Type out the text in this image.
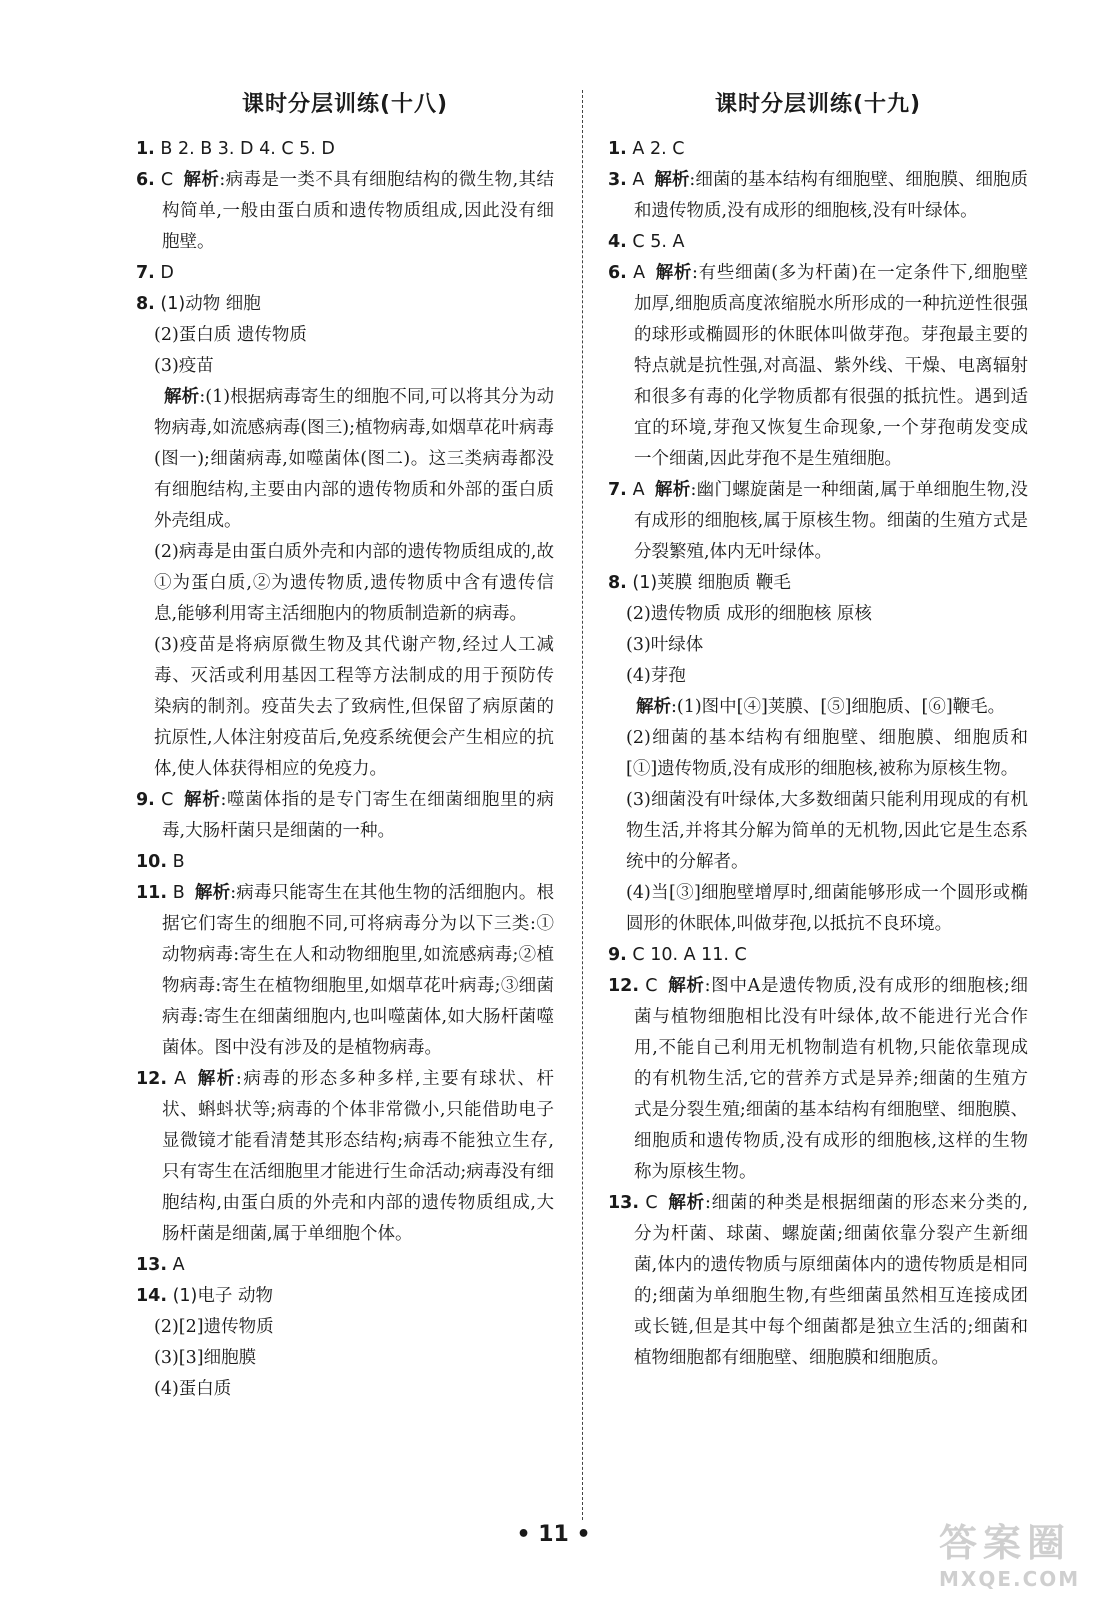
课时分层训练(十八)

1. B 2. B 3. D 4. C 5. D

6. C 解析:病毒是一类不具有细胞结构的微生物,其结构简单,一般由蛋白质和遗传物质组成,因此没有细胞壁。

7. D

8. (1)动物 细胞

(2)蛋白质 遗传物质

(3)疫苗

解析:(1)根据病毒寄生的细胞不同,可以将其分为动物病毒,如流感病毒(图三);植物病毒,如烟草花叶病毒(图一);细菌病毒,如噬菌体(图二)。这三类病毒都没有细胞结构,主要由内部的遗传物质和外部的蛋白质外壳组成。

(2)病毒是由蛋白质外壳和内部的遗传物质组成的,故①为蛋白质,②为遗传物质,遗传物质中含有遗传信息,能够利用寄主活细胞内的物质制造新的病毒。

(3)疫苗是将病原微生物及其代谢产物,经过人工减毒、灭活或利用基因工程等方法制成的用于预防传染病的制剂。疫苗失去了致病性,但保留了病原菌的抗原性,人体注射疫苗后,免疫系统便会产生相应的抗体,使人体获得相应的免疫力。

9. C 解析:噬菌体指的是专门寄生在细菌细胞里的病毒,大肠杆菌只是细菌的一种。

10. B

11. B 解析:病毒只能寄生在其他生物的活细胞内。根据它们寄生的细胞不同,可将病毒分为以下三类:①动物病毒:寄生在人和动物细胞里,如流感病毒;②植物病毒:寄生在植物细胞里,如烟草花叶病毒;③细菌病毒:寄生在细菌细胞内,也叫噬菌体,如大肠杆菌噬菌体。图中没有涉及的是植物病毒。

12. A 解析:病毒的形态多种多样,主要有球状、杆状、蝌蚪状等;病毒的个体非常微小,只能借助电子显微镜才能看清楚其形态结构;病毒不能独立生存,只有寄生在活细胞里才能进行生命活动;病毒没有细胞结构,由蛋白质的外壳和内部的遗传物质组成,大肠杆菌是细菌,属于单细胞个体。

13. A

14. (1)电子 动物

(2)[2]遗传物质

(3)[3]细胞膜

(4)蛋白质

课时分层训练(十九)

1. A 2. C

3. A 解析:细菌的基本结构有细胞壁、细胞膜、细胞质和遗传物质,没有成形的细胞核,没有叶绿体。

4. C 5. A

6. A 解析:有些细菌(多为杆菌)在一定条件下,细胞壁加厚,细胞质高度浓缩脱水所形成的一种抗逆性很强的球形或椭圆形的休眠体叫做芽孢。芽孢最主要的特点就是抗性强,对高温、紫外线、干燥、电离辐射和很多有毒的化学物质都有很强的抵抗性。遇到适宜的环境,芽孢又恢复生命现象,一个芽孢萌发变成一个细菌,因此芽孢不是生殖细胞。

7. A 解析:幽门螺旋菌是一种细菌,属于单细胞生物,没有成形的细胞核,属于原核生物。细菌的生殖方式是分裂繁殖,体内无叶绿体。

8. (1)荚膜 细胞质 鞭毛

(2)遗传物质 成形的细胞核 原核

(3)叶绿体

(4)芽孢

解析:(1)图中[④]荚膜、[⑤]细胞质、[⑥]鞭毛。

(2)细菌的基本结构有细胞壁、细胞膜、细胞质和[①]遗传物质,没有成形的细胞核,被称为原核生物。

(3)细菌没有叶绿体,大多数细菌只能利用现成的有机物生活,并将其分解为简单的无机物,因此它是生态系统中的分解者。

(4)当[③]细胞壁增厚时,细菌能够形成一个圆形或椭圆形的休眠体,叫做芽孢,以抵抗不良环境。

9. C 10. A 11. C

12. C 解析:图中A是遗传物质,没有成形的细胞核;细菌与植物细胞相比没有叶绿体,故不能进行光合作用,不能自己利用无机物制造有机物,只能依靠现成的有机物生活,它的营养方式是异养;细菌的生殖方式是分裂生殖;细菌的基本结构有细胞壁、细胞膜、细胞质和遗传物质,没有成形的细胞核,这样的生物称为原核生物。

13. C 解析:细菌的种类是根据细菌的形态来分类的,分为杆菌、球菌、螺旋菌;细菌依靠分裂产生新细菌,体内的遗传物质与原细菌体内的遗传物质是相同的;细菌为单细胞生物,有些细菌虽然相互连接成团或长链,但是其中每个细菌都是独立生活的;细菌和植物细胞都有细胞壁、细胞膜和细胞质。

• 11 •	答案圈
MXQE.COM
